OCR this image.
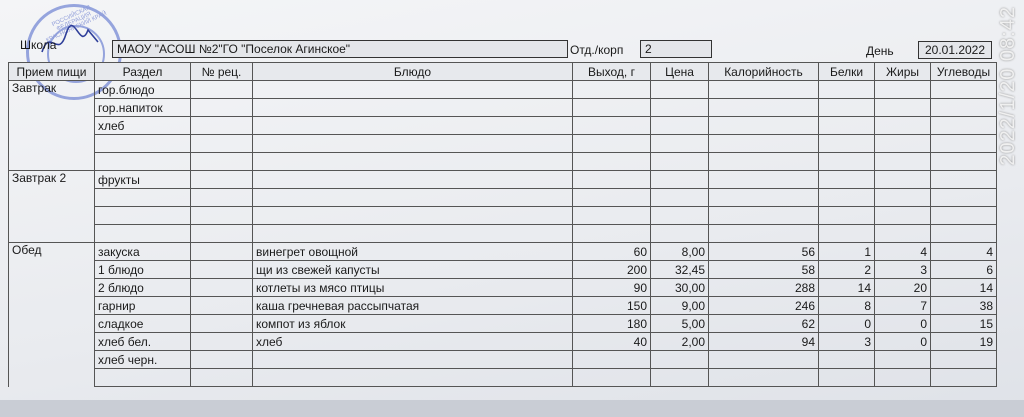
РОССИЙСКАЯ ФЕДЕРАЦИЯ КРАСНОЯРСКИЙ КРАЙ
Школа	МАОУ "АСОШ №2"ГО "Поселок Агинское"	Отд./корп	2	День	20.01.2022
Прием пищи	Раздел	№ рец.	Блюдо	Выход, г	Цена	Калорийность	Белки	Жиры	Углеводы
Завтрак	гор.блюдо								
	гор.напиток								
	хлеб								

Завтрак 2	фрукты								

Обед	закуска		винегрет овощной	60	8,00	56	1	4	4
	1 блюдо		щи из свежей капусты	200	32,45	58	2	3	6
	2 блюдо		котлеты из мясо птицы	90	30,00	288	14	20	14
	гарнир		каша гречневая рассыпчатая	150	9,00	246	8	7	38
	сладкое		компот из яблок	180	5,00	62	0	0	15
	хлеб бел.		хлеб	40	2,00	94	3	0	19
	хлеб черн.								

2022/1/20 08:42
